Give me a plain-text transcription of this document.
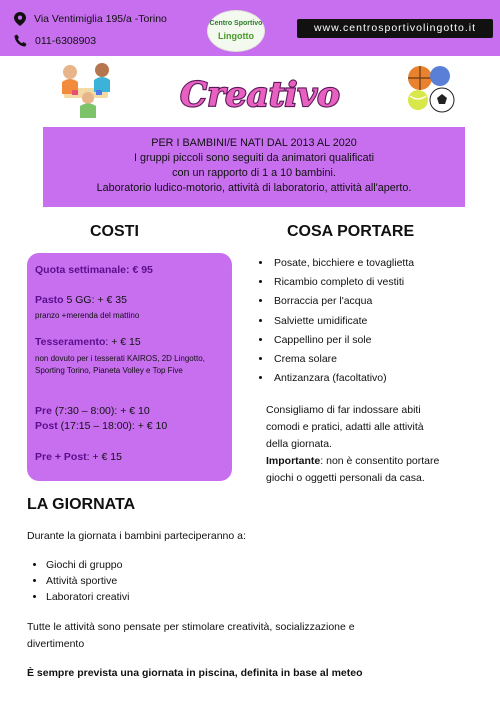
Via Ventimiglia 195/a -Torino
011-6308903
Centro Sportivo
Lingotto
www.centrosportivolingotto.it
Creativo
PER I BAMBINI/E NATI DAL 2013 AL 2020
I gruppi piccoli sono seguiti da animatori qualificati
con un rapporto di 1 a 10 bambini.
Laboratorio ludico-motorio, attività di laboratorio, attività all'aperto.
COSTI
Quota settimanale: € 95
Pasto 5 GG: + € 35
pranzo +merenda del mattino
Tesseramento: + € 15
non dovuto per i tesserati KAIROS, 2D Lingotto, Sporting Torino, Pianeta Volley e Top Five
Pre (7:30 – 8:00): + € 10
Post (17:15 – 18:00): + € 10
Pre + Post: + € 15
COSA PORTARE
• Posate, bicchiere e tovaglietta
• Ricambio completo di vestiti
• Borraccia per l'acqua
• Salviette umidificate
• Cappellino per il sole
• Crema solare
• Antizanzara (facoltativo)
Consigliamo di far indossare abiti
comodi e pratici, adatti alle attività
della giornata.
Importante: non è consentito portare
giochi o oggetti personali da casa.
LA GIORNATA
Durante la giornata i bambini parteciperanno a:
• Giochi di gruppo
• Attività sportive
• Laboratori creativi
Tutte le attività sono pensate per stimolare creatività, socializzazione e
divertimento
È sempre prevista una giornata in piscina, definita in base al meteo
